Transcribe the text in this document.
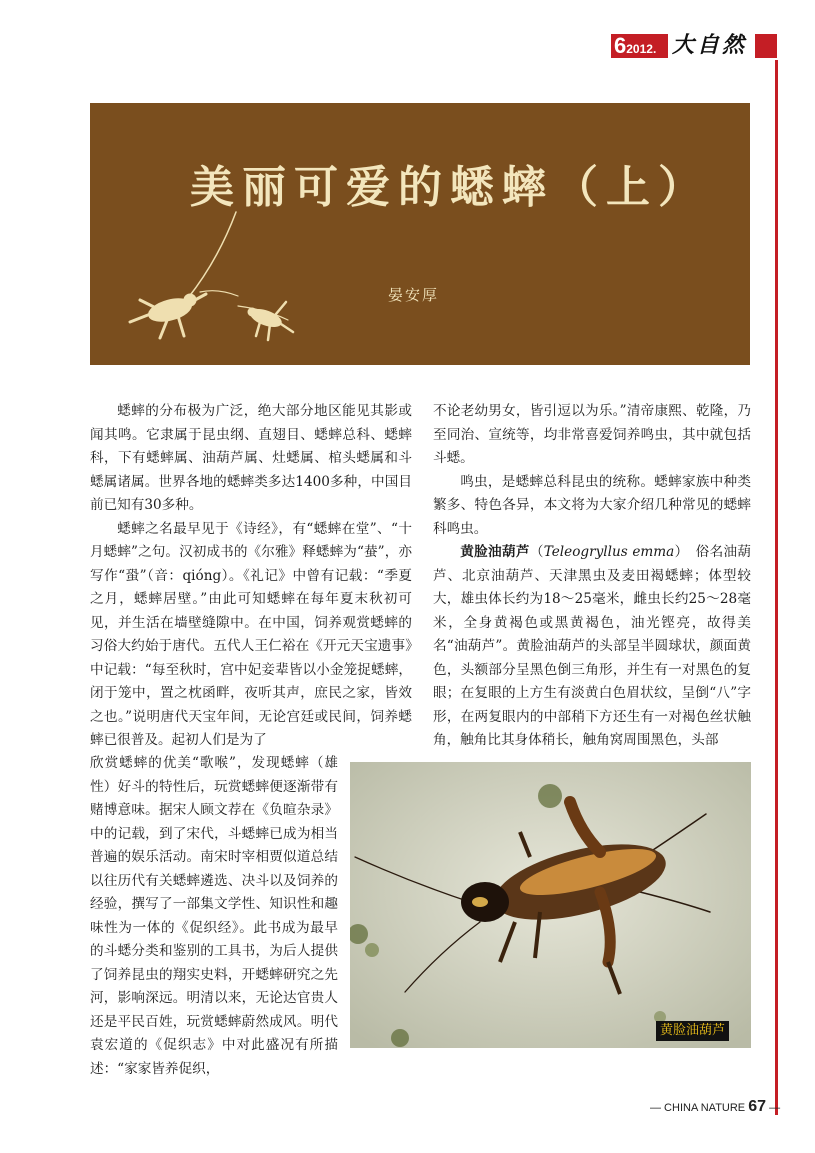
62012. 大自然
美丽可爱的蟋蟀（上）
晏安厚

蟋蟀的分布极为广泛，绝大部分地区能见其影或闻其鸣。它隶属于昆虫纲、直翅目、蟋蟀总科、蟋蟀科，下有蟋蟀属、油葫芦属、灶蟋属、棺头蟋属和斗蟋属诸属。世界各地的蟋蟀类多达1400多种，中国目前已知有30多种。

蟋蟀之名最早见于《诗经》，有“蟋蟀在堂”、“十月蟋蟀”之句。汉初成书的《尔雅》释蟋蟀为“蛬”，亦写作“蛩”（音：qióng）。《礼记》中曾有记载：“季夏之月，蟋蟀居壁。”由此可知蟋蟀在每年夏末秋初可见，并生活在墙壁缝隙中。在中国，饲养观赏蟋蟀的习俗大约始于唐代。五代人王仁裕在《开元天宝遗事》中记载：“每至秋时，宫中妃妾辈皆以小金笼捉蟋蟀，闭于笼中，置之枕函畔，夜听其声，庶民之家，皆效之也。”说明唐代天宝年间，无论宫廷或民间，饲养蟋蟀已很普及。起初人们是为了

欣赏蟋蟀的优美“歌喉”，发现蟋蟀（雄性）好斗的特性后，玩赏蟋蟀便逐渐带有赌博意味。据宋人顾文荐在《负暄杂录》中的记载，到了宋代，斗蟋蟀已成为相当普遍的娱乐活动。南宋时宰相贾似道总结以往历代有关蟋蟀遴选、决斗以及饲养的经验，撰写了一部集文学性、知识性和趣味性为一体的《促织经》。此书成为最早的斗蟋分类和鉴别的工具书，为后人提供了饲养昆虫的翔实史料，开蟋蟀研究之先河，影响深远。明清以来，无论达官贵人还是平民百姓，玩赏蟋蟀蔚然成风。明代袁宏道的《促织志》中对此盛况有所描述：“家家皆养促织，

不论老幼男女，皆引逗以为乐。”清帝康熙、乾隆，乃至同治、宣统等，均非常喜爱饲养鸣虫，其中就包括斗蟋。

鸣虫，是蟋蟀总科昆虫的统称。蟋蟀家族中种类繁多、特色各异，本文将为大家介绍几种常见的蟋蟀科鸣虫。

黄脸油葫芦（Teleogryllus emma）　俗名油葫芦、北京油葫芦、天津黑虫及麦田褐蟋蟀；体型较大，雄虫体长约为18～25毫米，雌虫长约25～28毫米，全身黄褐色或黑黄褐色，油光铿亮，故得美名“油葫芦”。黄脸油葫芦的头部呈半圆球状，颜面黄色，头额部分呈黑色倒三角形，并生有一对黑色的复眼；在复眼的上方生有淡黄白色眉状纹，呈倒“八”字形，在两复眼内的中部稍下方还生有一对褐色丝状触角，触角比其身体稍长，触角窝周围黑色，头部

黄脸油葫芦
— CHINA NATURE 67 —
